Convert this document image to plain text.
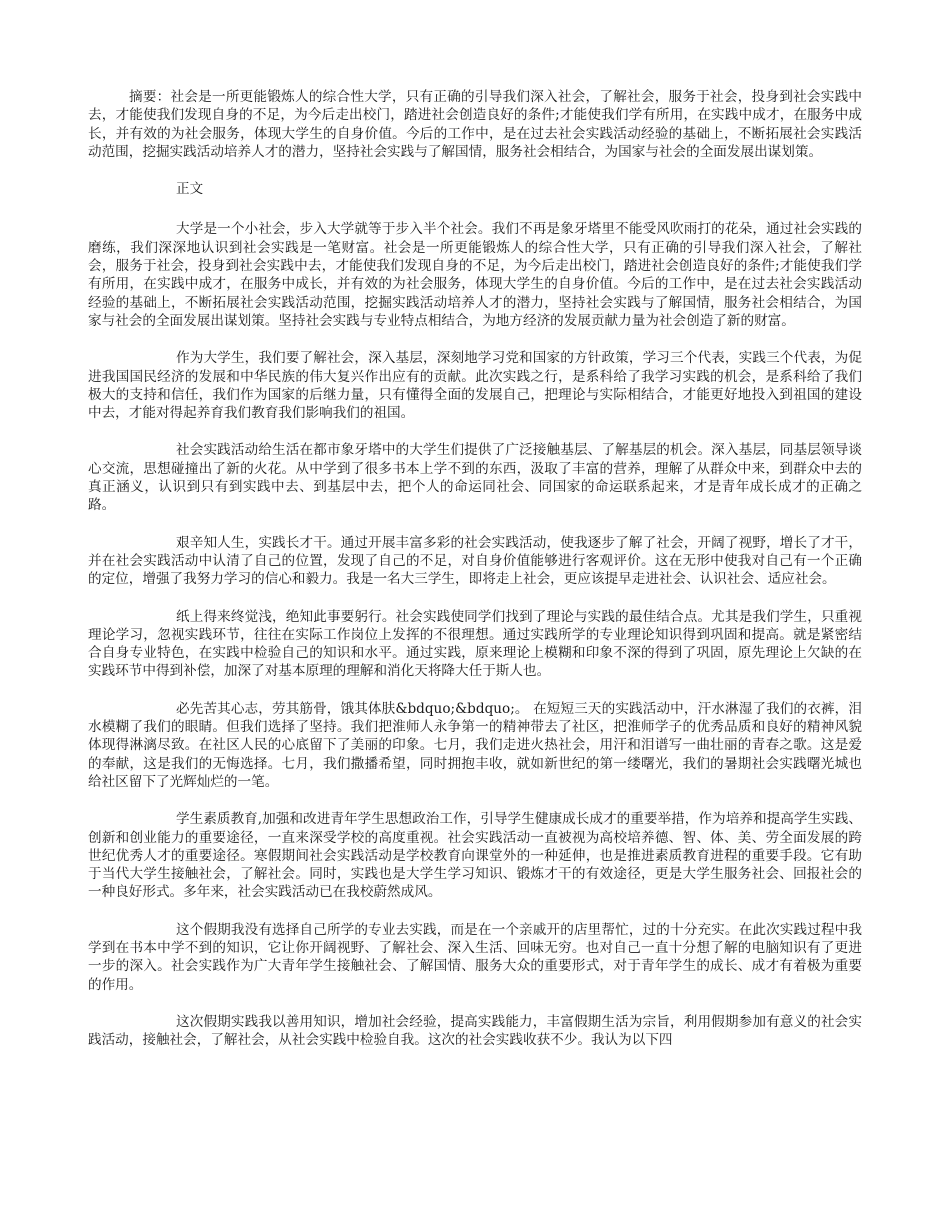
摘要：社会是一所更能锻炼人的综合性大学，只有正确的引导我们深入社会，了解社会，服务于社会，投身到社会实践中去，才能使我们发现自身的不足，为今后走出校门，踏进社会创造良好的条件;才能使我们学有所用，在实践中成才，在服务中成长，并有效的为社会服务，体现大学生的自身价值。今后的工作中，是在过去社会实践活动经验的基础上，不断拓展社会实践活动范围，挖掘实践活动培养人才的潜力，坚持社会实践与了解国情，服务社会相结合，为国家与社会的全面发展出谋划策。

正文

大学是一个小社会，步入大学就等于步入半个社会。我们不再是象牙塔里不能受风吹雨打的花朵，通过社会实践的磨练，我们深深地认识到社会实践是一笔财富。社会是一所更能锻炼人的综合性大学，只有正确的引导我们深入社会，了解社会，服务于社会，投身到社会实践中去，才能使我们发现自身的不足，为今后走出校门，踏进社会创造良好的条件;才能使我们学有所用，在实践中成才，在服务中成长，并有效的为社会服务，体现大学生的自身价值。今后的工作中，是在过去社会实践活动经验的基础上，不断拓展社会实践活动范围，挖掘实践活动培养人才的潜力，坚持社会实践与了解国情，服务社会相结合，为国家与社会的全面发展出谋划策。坚持社会实践与专业特点相结合，为地方经济的发展贡献力量为社会创造了新的财富。

作为大学生，我们要了解社会，深入基层，深刻地学习党和国家的方针政策，学习三个代表，实践三个代表，为促进我国国民经济的发展和中华民族的伟大复兴作出应有的贡献。此次实践之行，是系科给了我学习实践的机会，是系科给了我们极大的支持和信任，我们作为国家的后继力量，只有懂得全面的发展自己，把理论与实际相结合，才能更好地投入到祖国的建设中去，才能对得起养育我们教育我们影响我们的祖国。

社会实践活动给生活在都市象牙塔中的大学生们提供了广泛接触基层、了解基层的机会。深入基层，同基层领导谈心交流，思想碰撞出了新的火花。从中学到了很多书本上学不到的东西，汲取了丰富的营养，理解了从群众中来，到群众中去的真正涵义，认识到只有到实践中去、到基层中去，把个人的命运同社会、同国家的命运联系起来，才是青年成长成才的正确之路。

艰辛知人生，实践长才干。通过开展丰富多彩的社会实践活动，使我逐步了解了社会，开阔了视野，增长了才干，并在社会实践活动中认清了自己的位置，发现了自己的不足，对自身价值能够进行客观评价。这在无形中使我对自己有一个正确的定位，增强了我努力学习的信心和毅力。我是一名大三学生，即将走上社会，更应该提早走进社会、认识社会、适应社会。

纸上得来终觉浅，绝知此事要躬行。社会实践使同学们找到了理论与实践的最佳结合点。尤其是我们学生，只重视理论学习，忽视实践环节，往往在实际工作岗位上发挥的不很理想。通过实践所学的专业理论知识得到巩固和提高。就是紧密结合自身专业特色，在实践中检验自己的知识和水平。通过实践，原来理论上模糊和印象不深的得到了巩固，原先理论上欠缺的在实践环节中得到补偿，加深了对基本原理的理解和消化天将降大任于斯人也。

必先苦其心志，劳其筋骨，饿其体肤&bdquo;&bdquo;。 在短短三天的实践活动中，汗水淋湿了我们的衣裤，泪水模糊了我们的眼睛。但我们选择了坚持。我们把淮师人永争第一的精神带去了社区，把淮师学子的优秀品质和良好的精神风貌体现得淋漓尽致。在社区人民的心底留下了美丽的印象。七月，我们走进火热社会，用汗和泪谱写一曲壮丽的青春之歌。这是爱的奉献，这是我们的无悔选择。七月，我们撒播希望，同时拥抱丰收，就如新世纪的第一缕曙光，我们的暑期社会实践曙光城也给社区留下了光辉灿烂的一笔。

学生素质教育,加强和改进青年学生思想政治工作，引导学生健康成长成才的重要举措，作为培养和提高学生实践、创新和创业能力的重要途径，一直来深受学校的高度重视。社会实践活动一直被视为高校培养德、智、体、美、劳全面发展的跨世纪优秀人才的重要途径。寒假期间社会实践活动是学校教育向课堂外的一种延伸，也是推进素质教育进程的重要手段。它有助于当代大学生接触社会，了解社会。同时，实践也是大学生学习知识、锻炼才干的有效途径，更是大学生服务社会、回报社会的一种良好形式。多年来，社会实践活动已在我校蔚然成风。

这个假期我没有选择自己所学的专业去实践，而是在一个亲戚开的店里帮忙，过的十分充实。在此次实践过程中我学到在书本中学不到的知识，它让你开阔视野、了解社会、深入生活、回味无穷。也对自己一直十分想了解的电脑知识有了更进一步的深入。社会实践作为广大青年学生接触社会、了解国情、服务大众的重要形式，对于青年学生的成长、成才有着极为重要的作用。

这次假期实践我以善用知识，增加社会经验，提高实践能力，丰富假期生活为宗旨，利用假期参加有意义的社会实践活动，接触社会，了解社会，从社会实践中检验自我。这次的社会实践收获不少。我认为以下四
